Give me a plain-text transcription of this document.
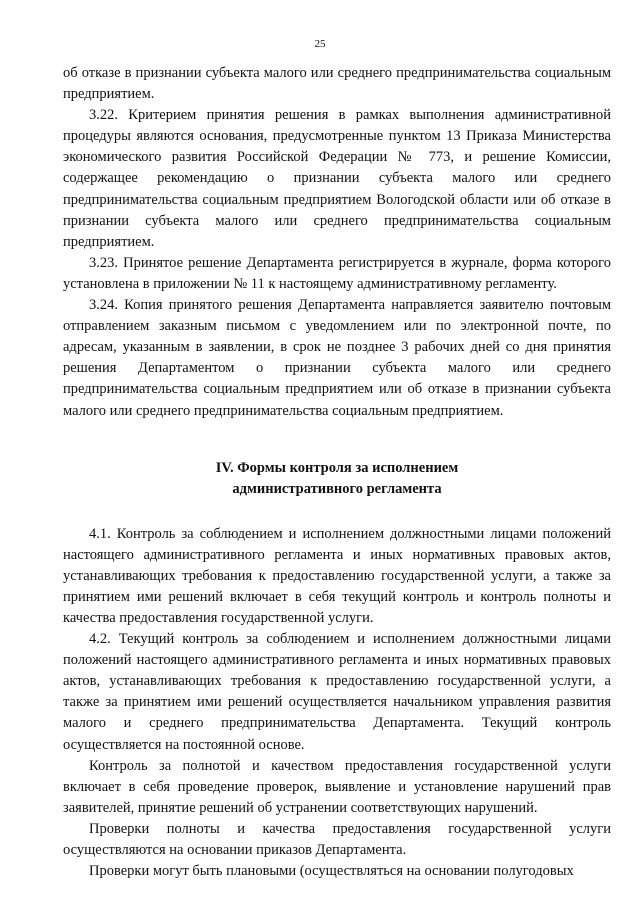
25

об отказе в признании субъекта малого или среднего предпринимательства социальным предприятием.

3.22. Критерием принятия решения в рамках выполнения административной процедуры являются основания, предусмотренные пунктом 13 Приказа Министерства экономического развития Российской Федерации № 773, и решение Комиссии, содержащее рекомендацию о признании субъекта малого или среднего предпринимательства социальным предприятием Вологодской области или об отказе в признании субъекта малого или среднего предпринимательства социальным предприятием.

3.23. Принятое решение Департамента регистрируется в журнале, форма которого установлена в приложении № 11 к настоящему административному регламенту.

3.24. Копия принятого решения Департамента направляется заявителю почтовым отправлением заказным письмом с уведомлением или по электронной почте, по адресам, указанным в заявлении, в срок не позднее 3 рабочих дней со дня принятия решения Департаментом о признании субъекта малого или среднего предпринимательства социальным предприятием или об отказе в признании субъекта малого или среднего предпринимательства социальным предприятием.

IV. Формы контроля за исполнением
административного регламента

4.1. Контроль за соблюдением и исполнением должностными лицами положений настоящего административного регламента и иных нормативных правовых актов, устанавливающих требования к предоставлению государственной услуги, а также за принятием ими решений включает в себя текущий контроль и контроль полноты и качества предоставления государственной услуги.

4.2. Текущий контроль за соблюдением и исполнением должностными лицами положений настоящего административного регламента и иных нормативных правовых актов, устанавливающих требования к предоставлению государственной услуги, а также за принятием ими решений осуществляется начальником управления развития малого и среднего предпринимательства Департамента. Текущий контроль осуществляется на постоянной основе.

Контроль за полнотой и качеством предоставления государственной услуги включает в себя проведение проверок, выявление и установление нарушений прав заявителей, принятие решений об устранении соответствующих нарушений.

Проверки полноты и качества предоставления государственной услуги осуществляются на основании приказов Департамента.

Проверки могут быть плановыми (осуществляться на основании полугодовых
